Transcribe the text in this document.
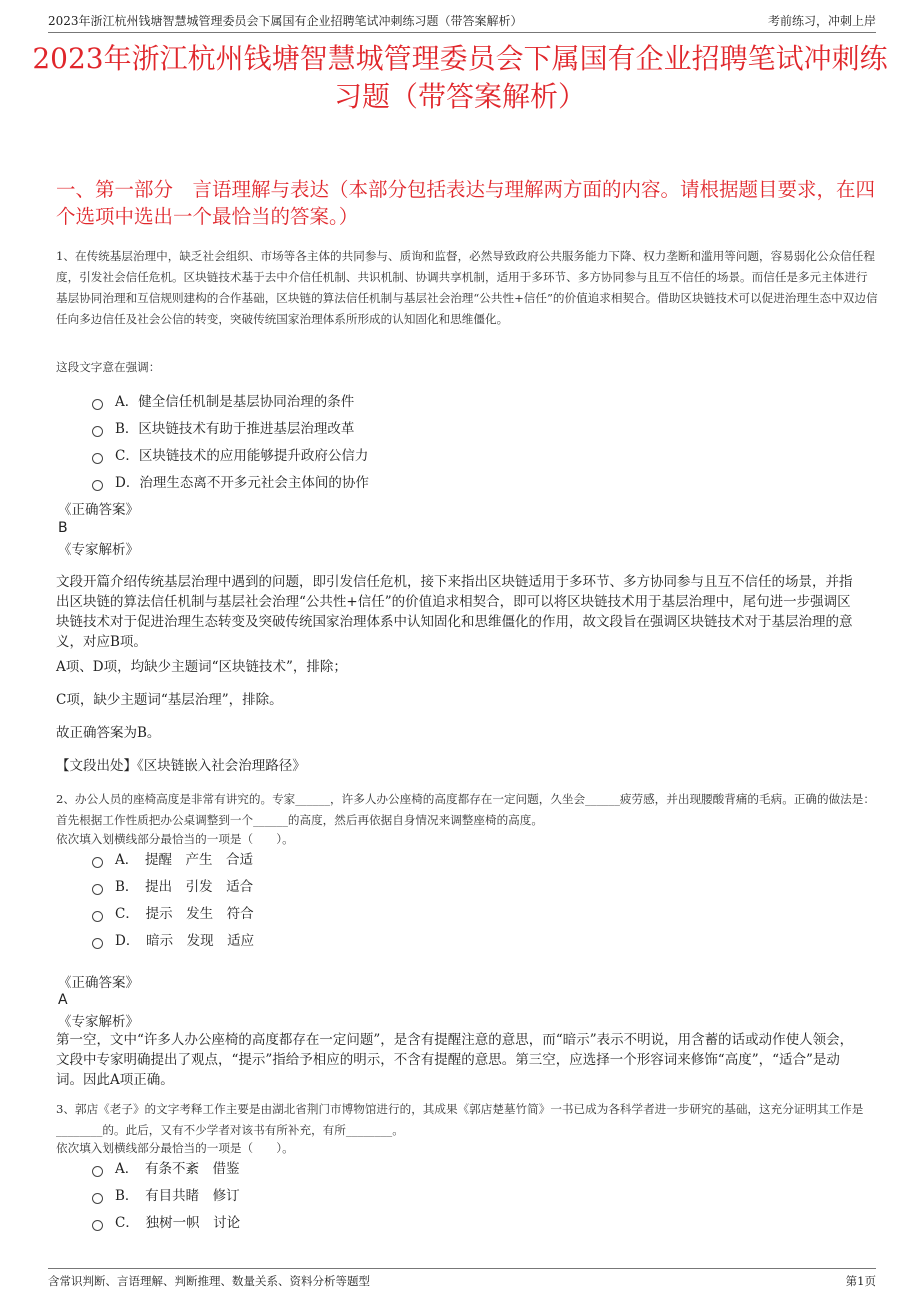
2023年浙江杭州钱塘智慧城管理委员会下属国有企业招聘笔试冲刺练习题（带答案解析）	考前练习，冲刺上岸
2023年浙江杭州钱塘智慧城管理委员会下属国有企业招聘笔试冲刺练习题（带答案解析）
一、第一部分　言语理解与表达（本部分包括表达与理解两方面的内容。请根据题目要求，在四个选项中选出一个最恰当的答案。）
1、在传统基层治理中，缺乏社会组织、市场等各主体的共同参与、质询和监督，必然导致政府公共服务能力下降、权力垄断和滥用等问题，容易弱化公众信任程度，引发社会信任危机。区块链技术基于去中介信任机制、共识机制、协调共享机制，适用于多环节、多方协同参与且互不信任的场景。而信任是多元主体进行基层协同治理和互信规则建构的合作基础，区块链的算法信任机制与基层社会治理“公共性+信任”的价值追求相契合。借助区块链技术可以促进治理生态中双边信任向多边信任及社会公信的转变，突破传统国家治理体系所形成的认知固化和思维僵化。
这段文字意在强调：
A．健全信任机制是基层协同治理的条件
B．区块链技术有助于推进基层治理改革
C．区块链技术的应用能够提升政府公信力
D．治理生态离不开多元社会主体间的协作
《正确答案》
B
《专家解析》
文段开篇介绍传统基层治理中遇到的问题，即引发信任危机，接下来指出区块链适用于多环节、多方协同参与且互不信任的场景，并指出区块链的算法信任机制与基层社会治理“公共性+信任”的价值追求相契合，即可以将区块链技术用于基层治理中，尾句进一步强调区块链技术对于促进治理生态转变及突破传统国家治理体系中认知固化和思维僵化的作用，故文段旨在强调区块链技术对于基层治理的意义，对应B项。
A项、D项，均缺少主题词“区块链技术”，排除；
C项，缺少主题词“基层治理”，排除。
故正确答案为B。
【文段出处】《区块链嵌入社会治理路径》
2、办公人员的座椅高度是非常有讲究的。专家______，许多人办公座椅的高度都存在一定问题，久坐会______疲劳感，并出现腰酸背痛的毛病。正确的做法是：首先根据工作性质把办公桌调整到一个______的高度，然后再依据自身情况来调整座椅的高度。
依次填入划横线部分最恰当的一项是（　　）。
A．　提醒　产生　合适
B．　提出　引发　适合
C．　提示　发生　符合
D．　暗示　发现　适应
《正确答案》
A
《专家解析》
第一空，文中“许多人办公座椅的高度都存在一定问题”，是含有提醒注意的意思，而“暗示”表示不明说，用含蓄的话或动作使人领会，文段中专家明确提出了观点，“提示”指给予相应的明示，不含有提醒的意思。第三空，应选择一个形容词来修饰“高度”，“适合”是动词。因此A项正确。
3、郭店《老子》的文字考释工作主要是由湖北省荆门市博物馆进行的，其成果《郭店楚墓竹简》一书已成为各科学者进一步研究的基础，这充分证明其工作是________的。此后，又有不少学者对该书有所补充，有所________。
依次填入划横线部分最恰当的一项是（　　）。
A．　有条不紊　借鉴
B．　有目共睹　修订
C．　独树一帜　讨论
含常识判断、言语理解、判断推理、数量关系、资料分析等题型	第1页
